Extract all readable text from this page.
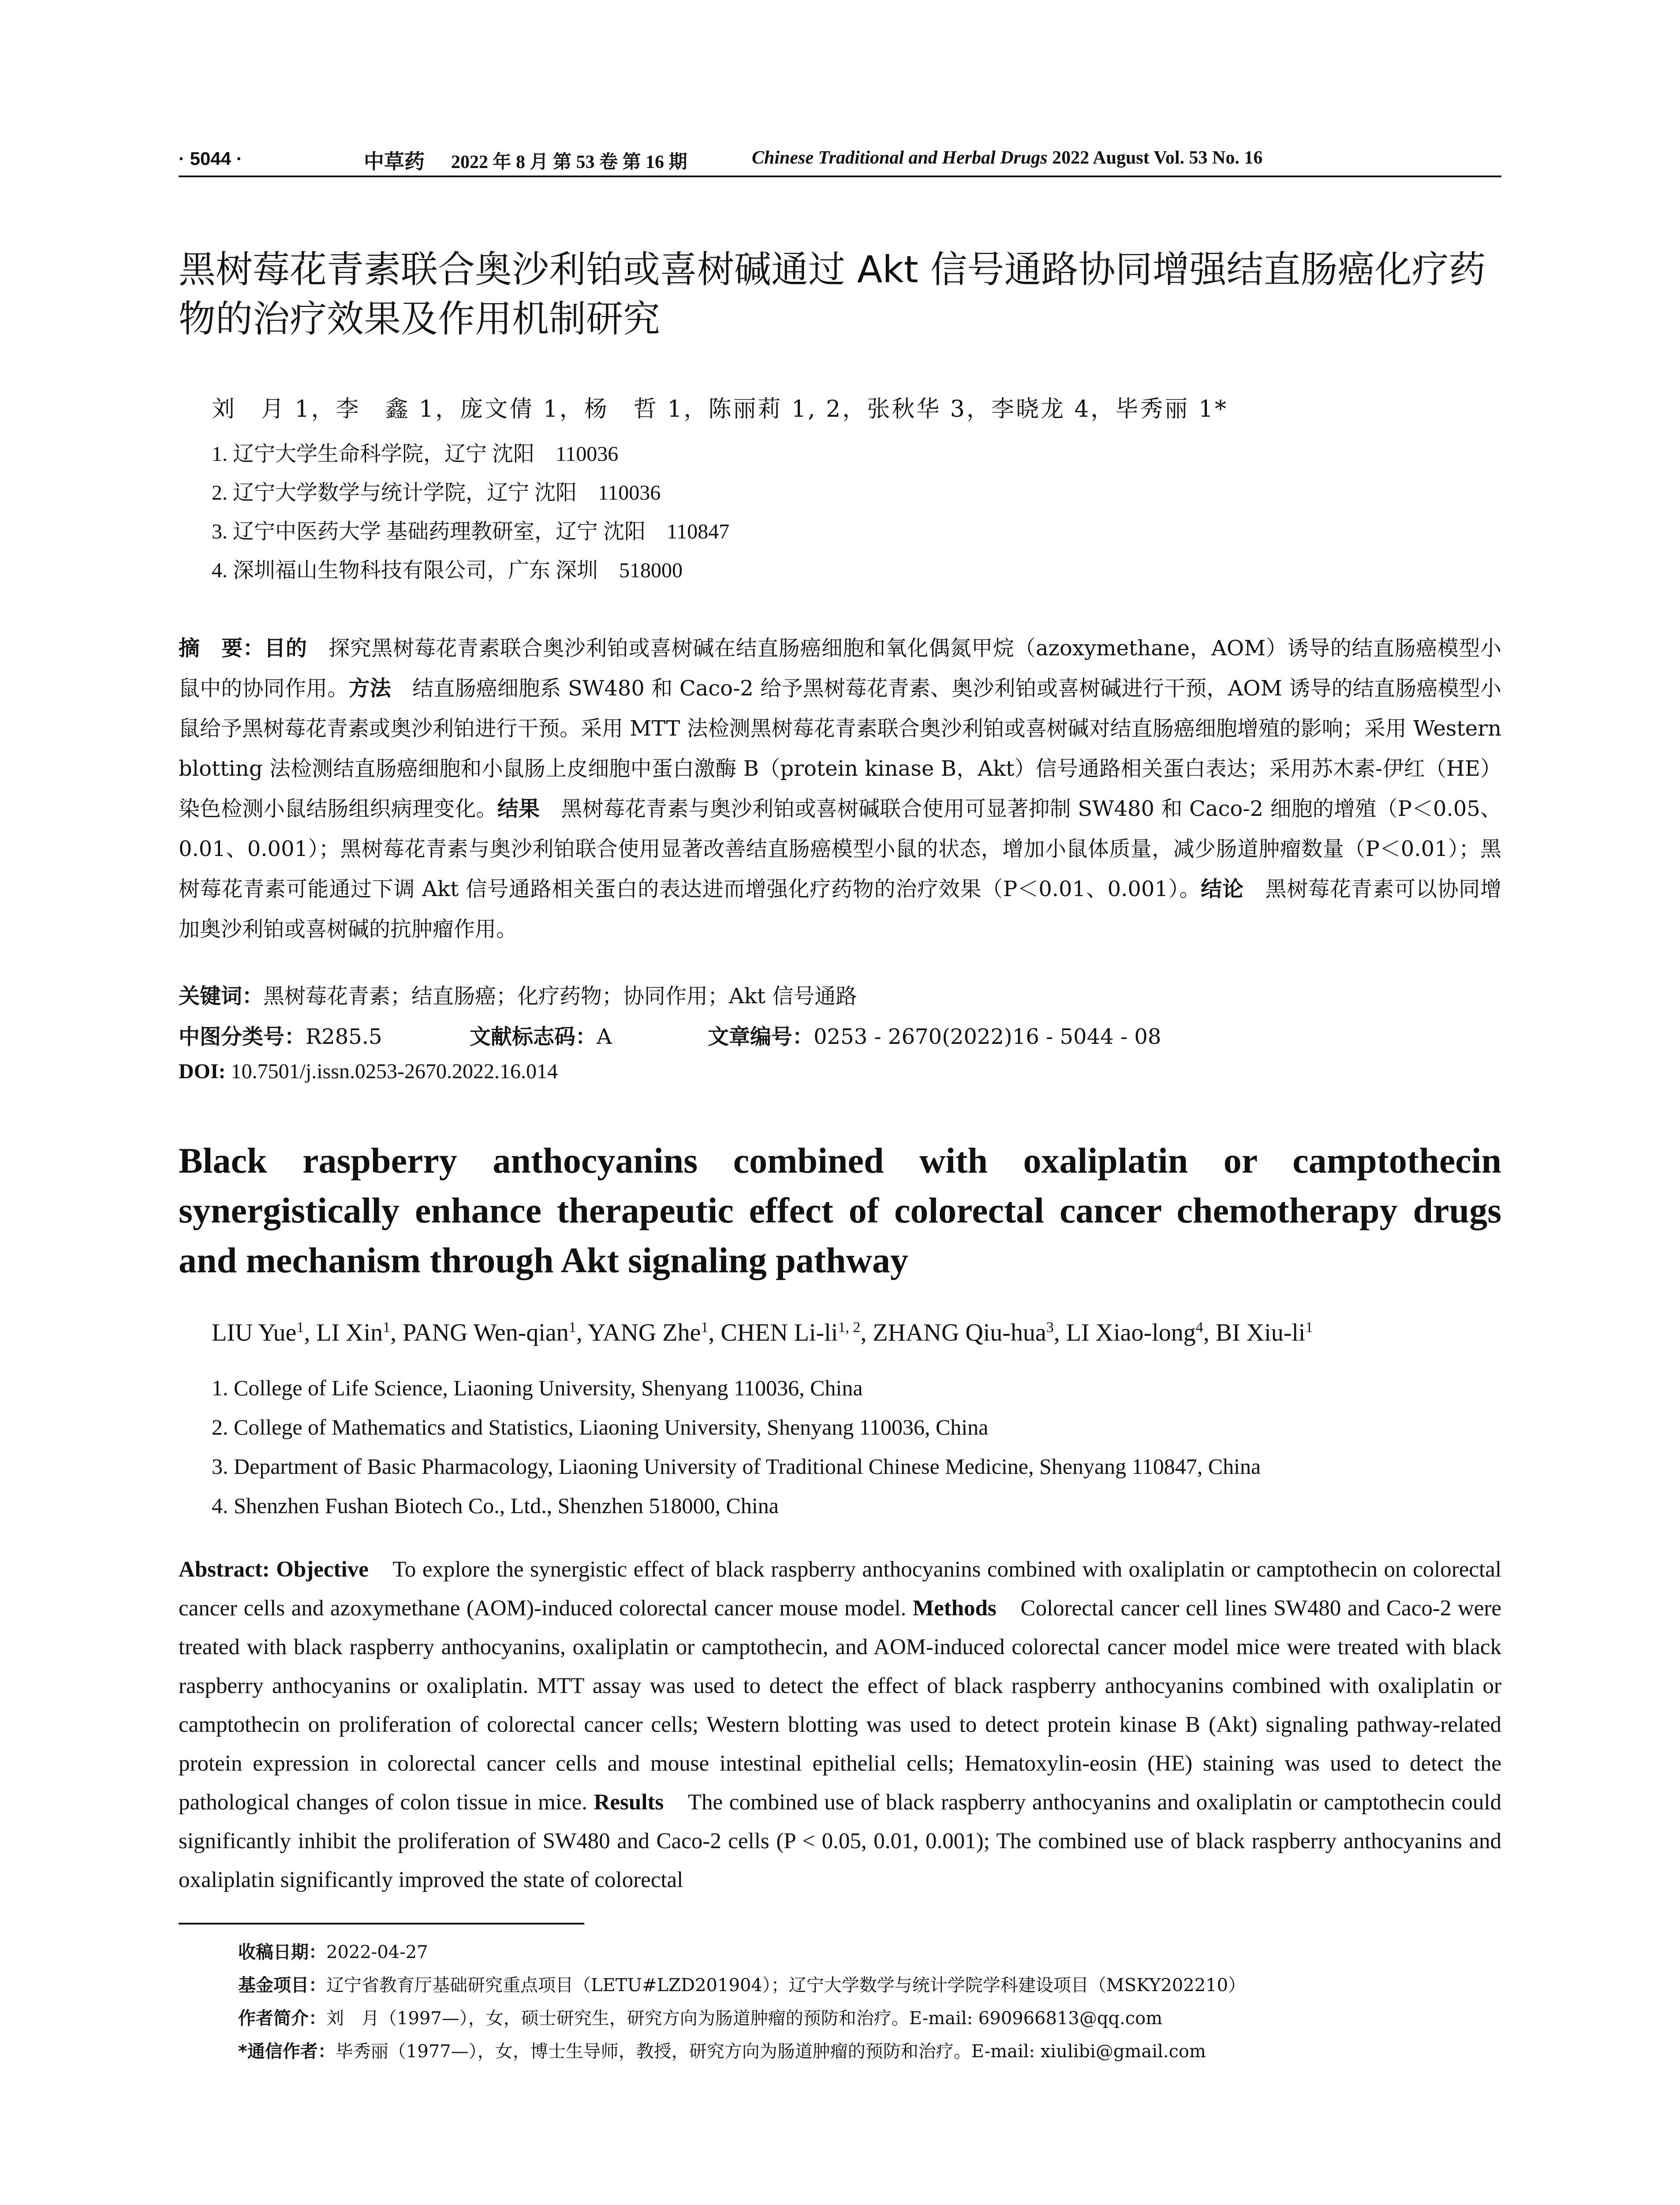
· 5044 ·	中草药 2022 年 8 月 第 53 卷 第 16 期	Chinese Traditional and Herbal Drugs 2022 August Vol. 53 No. 16
黑树莓花青素联合奥沙利铂或喜树碱通过 Akt 信号通路协同增强结直肠癌化疗药物的治疗效果及作用机制研究
刘　月 1，李　鑫 1，庞文倩 1，杨　哲 1，陈丽莉 1, 2，张秋华 3，李晓龙 4，毕秀丽 1*
1. 辽宁大学生命科学院，辽宁 沈阳　110036
2. 辽宁大学数学与统计学院，辽宁 沈阳　110036
3. 辽宁中医药大学 基础药理教研室，辽宁 沈阳　110847
4. 深圳福山生物科技有限公司，广东 深圳　518000
摘　要：目的　探究黑树莓花青素联合奥沙利铂或喜树碱在结直肠癌细胞和氧化偶氮甲烷（azoxymethane，AOM）诱导的结直肠癌模型小鼠中的协同作用。方法　结直肠癌细胞系 SW480 和 Caco-2 给予黑树莓花青素、奥沙利铂或喜树碱进行干预，AOM 诱导的结直肠癌模型小鼠给予黑树莓花青素或奥沙利铂进行干预。采用 MTT 法检测黑树莓花青素联合奥沙利铂或喜树碱对结直肠癌细胞增殖的影响；采用 Western blotting 法检测结直肠癌细胞和小鼠肠上皮细胞中蛋白激酶 B（protein kinase B，Akt）信号通路相关蛋白表达；采用苏木素-伊红（HE）染色检测小鼠结肠组织病理变化。结果　黑树莓花青素与奥沙利铂或喜树碱联合使用可显著抑制 SW480 和 Caco-2 细胞的增殖（P＜0.05、0.01、0.001）；黑树莓花青素与奥沙利铂联合使用显著改善结直肠癌模型小鼠的状态，增加小鼠体质量，减少肠道肿瘤数量（P＜0.01）；黑树莓花青素可能通过下调 Akt 信号通路相关蛋白的表达进而增强化疗药物的治疗效果（P＜0.01、0.001）。结论　黑树莓花青素可以协同增加奥沙利铂或喜树碱的抗肿瘤作用。
关键词：黑树莓花青素；结直肠癌；化疗药物；协同作用；Akt 信号通路
中图分类号：R285.5	文献标志码：A	文章编号：0253 - 2670(2022)16 - 5044 - 08
DOI: 10.7501/j.issn.0253-2670.2022.16.014
Black raspberry anthocyanins combined with oxaliplatin or camptothecin synergistically enhance therapeutic effect of colorectal cancer chemotherapy drugs and mechanism through Akt signaling pathway
LIU Yue$^1$, LI Xin$^1$, PANG Wen-qian$^1$, YANG Zhe$^1$, CHEN Li-li$^{1, 2}$, ZHANG Qiu-hua$^3$, LI Xiao-long$^4$, BI Xiu-$li^1$
1. College of Life Science, Liaoning University, Shenyang 110036, China
2. College of Mathematics and Statistics, Liaoning University, Shenyang 110036, China
3. Department of Basic Pharmacology, Liaoning University of Traditional Chinese Medicine, Shenyang 110847, China
4. Shenzhen Fushan Biotech Co., Ltd., Shenzhen 518000, China
Abstract: Objective　To explore the synergistic effect of black raspberry anthocyanins combined with oxaliplatin or camptothecin on colorectal cancer cells and azoxymethane (AOM)-induced colorectal cancer mouse model. Methods　Colorectal cancer cell lines SW480 and Caco-2 were treated with black raspberry anthocyanins, oxaliplatin or camptothecin, and AOM-induced colorectal cancer model mice were treated with black raspberry anthocyanins or oxaliplatin. MTT assay was used to detect the effect of black raspberry anthocyanins combined with oxaliplatin or camptothecin on proliferation of colorectal cancer cells; Western blotting was used to detect protein kinase B (Akt) signaling pathway-related protein expression in colorectal cancer cells and mouse intestinal epithelial cells; Hematoxylin-eosin (HE) staining was used to detect the pathological changes of colon tissue in mice. Results　The combined use of black raspberry anthocyanins and oxaliplatin or camptothecin could significantly inhibit the proliferation of SW480 and Caco-2 cells (P < 0.05, 0.01, 0.001); The combined use of black raspberry anthocyanins and oxaliplatin significantly improved the state of colorectal
收稿日期：2022-04-27
基金项目：辽宁省教育厅基础研究重点项目（LETU#LZD201904）；辽宁大学数学与统计学院学科建设项目（MSKY202210）
作者简介：刘　月（1997—），女，硕士研究生，研究方向为肠道肿瘤的预防和治疗。E-mail: 690966813@qq.com
*通信作者：毕秀丽（1977—），女，博士生导师，教授，研究方向为肠道肿瘤的预防和治疗。E-mail: xiulibi@gmail.com
